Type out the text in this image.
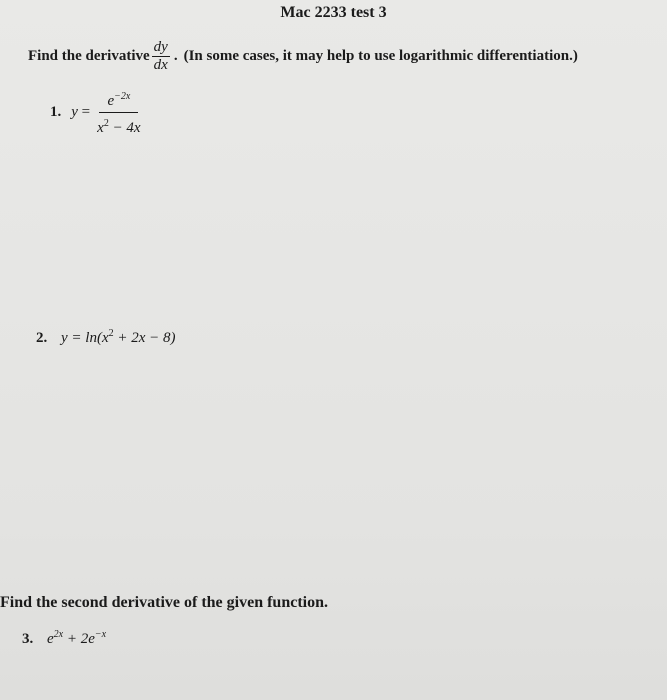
Mac 2233 test 3
Find the derivative $\frac{dy}{dx}$ . (In some cases, it may help to use logarithmic differentiation.)
1. $y = \frac{e^{-2x}}{x^2 - 4x}$
2. $y = \ln(x^2 + 2x - 8)$
Find the second derivative of the given function.
3. $e^{2x} + 2e^{-x}$
